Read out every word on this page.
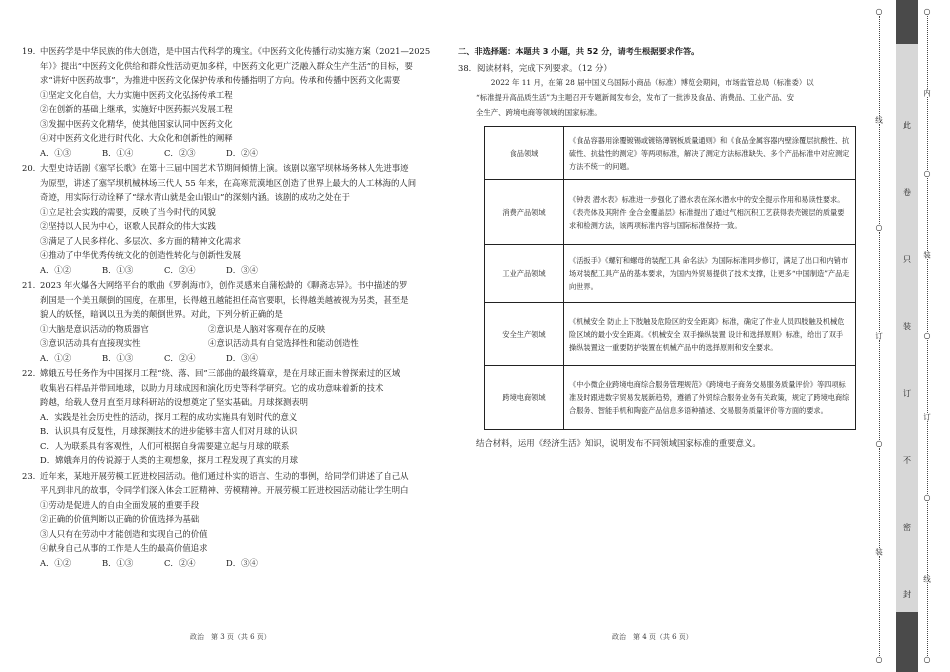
19. 中医药学是中华民族的伟大创造，是中国古代科学的瑰宝。《中医药文化传播行动实施方案（2021—2025
年）》提出“中医药文化供给和群众性活动更加多样，中医药文化更广泛融入群众生产生活”的目标，要
求“讲好中医药故事”，为推进中医药文化保护传承和传播指明了方向。传承和传播中医药文化需要
①坚定文化自信，大力实施中医药文化弘扬传承工程
②在创新的基础上继承，实施好中医药振兴发展工程
③发掘中医药文化精华，使其他国家认同中医药文化
④对中医药文化进行时代化、大众化和创新性的阐释
A．①③	B．①④	C．②③	D．②④
20. 大型史诗话剧《塞罕长歌》在第十三届中国艺术节期间倾情上演。该剧以塞罕坝林场务林人先进事迹
为原型，讲述了塞罕坝机械林场三代人 55 年来，在高寒荒漠地区创造了世界上最大的人工林海的人间
奇迹，用实际行动诠释了“绿水青山就是金山银山”的深刻内涵。该剧的成功之处在于
①立足社会实践的需要，反映了当今时代的风貌
②坚持以人民为中心，讴歌人民群众的伟大实践
③满足了人民多样化、多层次、多方面的精神文化需求
④推动了中华优秀传统文化的创造性转化与创新性发展
A．①②	B．①③	C．②④	D．③④
21. 2023 年火爆各大网络平台的歌曲《罗刹海市》，创作灵感来自蒲松龄的《聊斋志异》。书中描述的罗
刹国是一个美丑颠倒的国度，在那里，长得越丑越能担任高官要职，长得越美越被视为另类，甚至是
貌人的妖怪，暗讽以丑为美的颠倒世界。对此，下列分析正确的是
①大脑是意识活动的物质器官	②意识是人脑对客观存在的反映
③意识活动具有直接现实性	④意识活动具有自觉选择性和能动创造性
A．①②	B．①③	C．②④	D．③④
22. 嫦娥五号任务作为中国探月工程“绕、落、回”三部曲的最终篇章，是在月球正面未曾探索过的区域
收集岩石样品并带回地球，以助力月球成因和演化历史等科学研究。它的成功意味着新的技术
跨越，给载人登月直至月球科研站的设想奠定了坚实基础。月球探测表明
A．实践是社会历史性的活动，探月工程的成功实施具有划时代的意义
B．认识具有反复性，月球探测技术的进步能够丰富人们对月球的认识
C．人为联系具有客观性，人们可根据自身需要建立起与月球的联系
D．嫦娥奔月的传说源于人类的主观想象，探月工程发现了真实的月球
23. 近年来，某地开展劳模工匠进校园活动。他们通过朴实的语言、生动的事例，给同学们讲述了自己从
平凡到非凡的故事，令同学们深入体会工匠精神、劳模精神。开展劳模工匠进校园活动能让学生明白
①劳动是促进人的自由全面发展的重要手段
②正确的价值判断以正确的价值选择为基础
③人只有在劳动中才能创造和实现自己的价值
④献身自己从事的工作是人生的最高价值追求
A．①②	B．①③	C．②④	D．③④
政治　第 3 页（共 6 页）
二、非选择题：本题共 3 小题，共 52 分，请考生根据要求作答。
38．阅读材料，完成下列要求。（12 分）
2022 年 11 月，在第 28 届中国义乌国际小商品（标准）博览会期间，市场监管总局（标准委）以
“标准提升高品质生活”为主题召开专题新闻发布会，发布了一批涉及食品、消费品、工业产品、安
全生产、跨境电商等领域的国家标准。
食品领域	《食品容器用涂覆镀锡或镀铬薄钢板质量通则》和《食品金属容器内壁涂覆层抗酸性、抗硫性、抗盐性的测定》等两项标准，解决了测定方法标准缺失、多个产品标准中对应测定方法不统一的问题。
消费产品领域	《钟表 潜水表》标准进一步强化了潜水表在深水潜水中的安全提示作用和易读性要求。《表壳体及其附件 金合金覆盖层》标准提出了通过气相沉积工艺获得表壳镀层的质量要求和检测方法，该两项标准内容与国际标准保持一致。
工业产品领域	《活扳手》《螺钉和螺母的装配工具 命名法》为国际标准同步修订，满足了出口和内销市场对装配工具产品的基本要求，为国内外贸易提供了技术支撑，让更多“中国制造”产品走向世界。
安全生产领域	《机械安全 防止上下肢触及危险区的安全距离》标准，确定了作业人员四肢触及机械危险区域的最小安全距离。《机械安全 双手操纵装置 设计和选择原则》标准，给出了双手操纵装置这一重要防护装置在机械产品中的选择原则和安全要求。
跨境电商领域	《中小微企业跨境电商综合服务管理规范》《跨境电子商务交易服务质量评价》等四项标准及时跟进数字贸易发展新趋势，遵循了外贸综合服务业务有关政策，规定了跨境电商综合服务、智能手机和陶瓷产品信息多语种描述、交易服务质量评价等方面的要求。
结合材料，运用《经济生活》知识，说明发布不同领域国家标准的重要意义。
政治　第 4 页（共 6 页）
○
线
○
订
○
装
○
此
卷
只
装
订
不
密
封
○
内
○
装
○
订
○
线
○
